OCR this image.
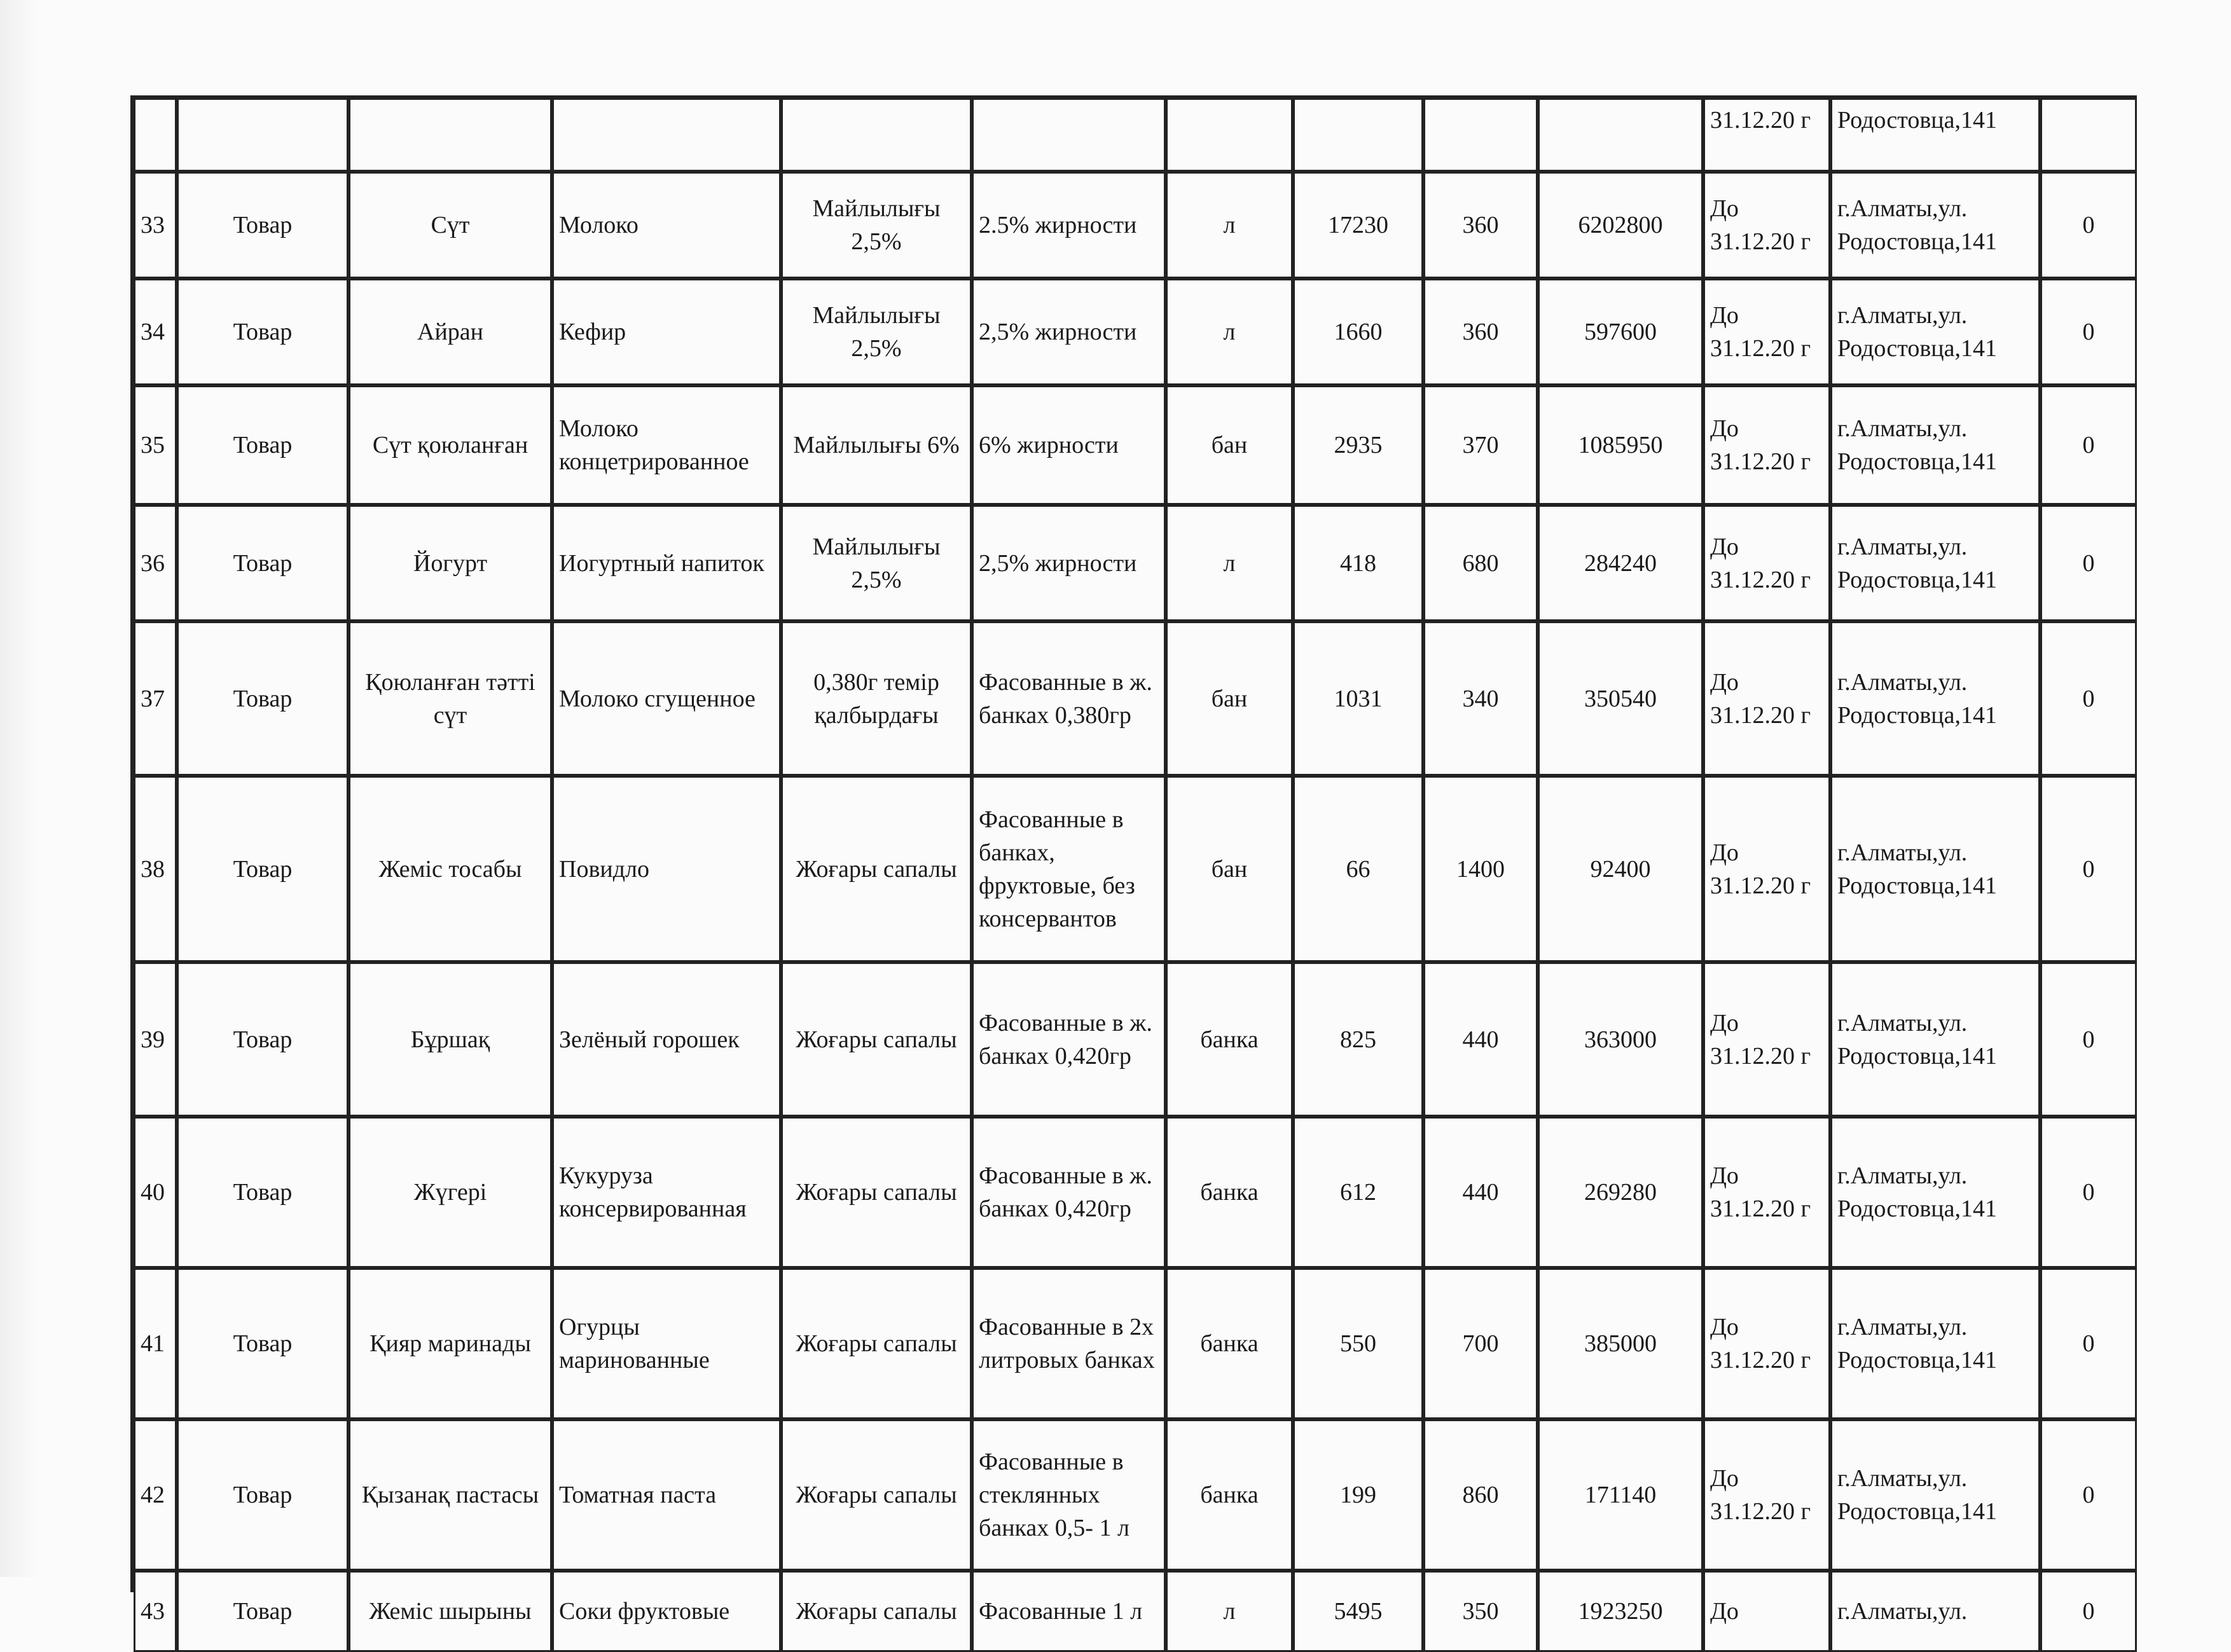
										31.12.20 г	Родостовца,141	
33	Товар	Сүт	Молоко	Майлылығы 2,5%	2.5% жирности	л	17230	360	6202800	До 31.12.20 г	г.Алматы,ул. Родостовца,141	0
34	Товар	Айран	Кефир	Майлылығы 2,5%	2,5% жирности	л	1660	360	597600	До 31.12.20 г	г.Алматы,ул. Родостовца,141	0
35	Товар	Сүт қоюланған	Молоко концетрированное	Майлылығы 6%	6% жирности	бан	2935	370	1085950	До 31.12.20 г	г.Алматы,ул. Родостовца,141	0
36	Товар	Йогурт	Иогуртный напиток	Майлылығы 2,5%	2,5% жирности	л	418	680	284240	До 31.12.20 г	г.Алматы,ул. Родостовца,141	0
37	Товар	Қоюланған тәтті сүт	Молоко сгущенное	0,380г темір қалбырдағы	Фасованные в ж. банках 0,380гр	бан	1031	340	350540	До 31.12.20 г	г.Алматы,ул. Родостовца,141	0
38	Товар	Жеміс тосабы	Повидло	Жоғары сапалы	Фасованные в банках, фруктовые, без консервантов	бан	66	1400	92400	До 31.12.20 г	г.Алматы,ул. Родостовца,141	0
39	Товар	Бұршақ	Зелёный горошек	Жоғары сапалы	Фасованные в ж. банках 0,420гр	банка	825	440	363000	До 31.12.20 г	г.Алматы,ул. Родостовца,141	0
40	Товар	Жүгері	Кукуруза консервированная	Жоғары сапалы	Фасованные в ж. банках 0,420гр	банка	612	440	269280	До 31.12.20 г	г.Алматы,ул. Родостовца,141	0
41	Товар	Қияр маринады	Огурцы маринованные	Жоғары сапалы	Фасованные в 2х литровых банках	банка	550	700	385000	До 31.12.20 г	г.Алматы,ул. Родостовца,141	0
42	Товар	Қызанақ пастасы	Томатная паста	Жоғары сапалы	Фасованные в стеклянных банках 0,5- 1 л	банка	199	860	171140	До 31.12.20 г	г.Алматы,ул. Родостовца,141	0
43	Товар	Жеміс шырыны	Соки фруктовые	Жоғары сапалы	Фасованные 1 л	л	5495	350	1923250	До	г.Алматы,ул.	0
